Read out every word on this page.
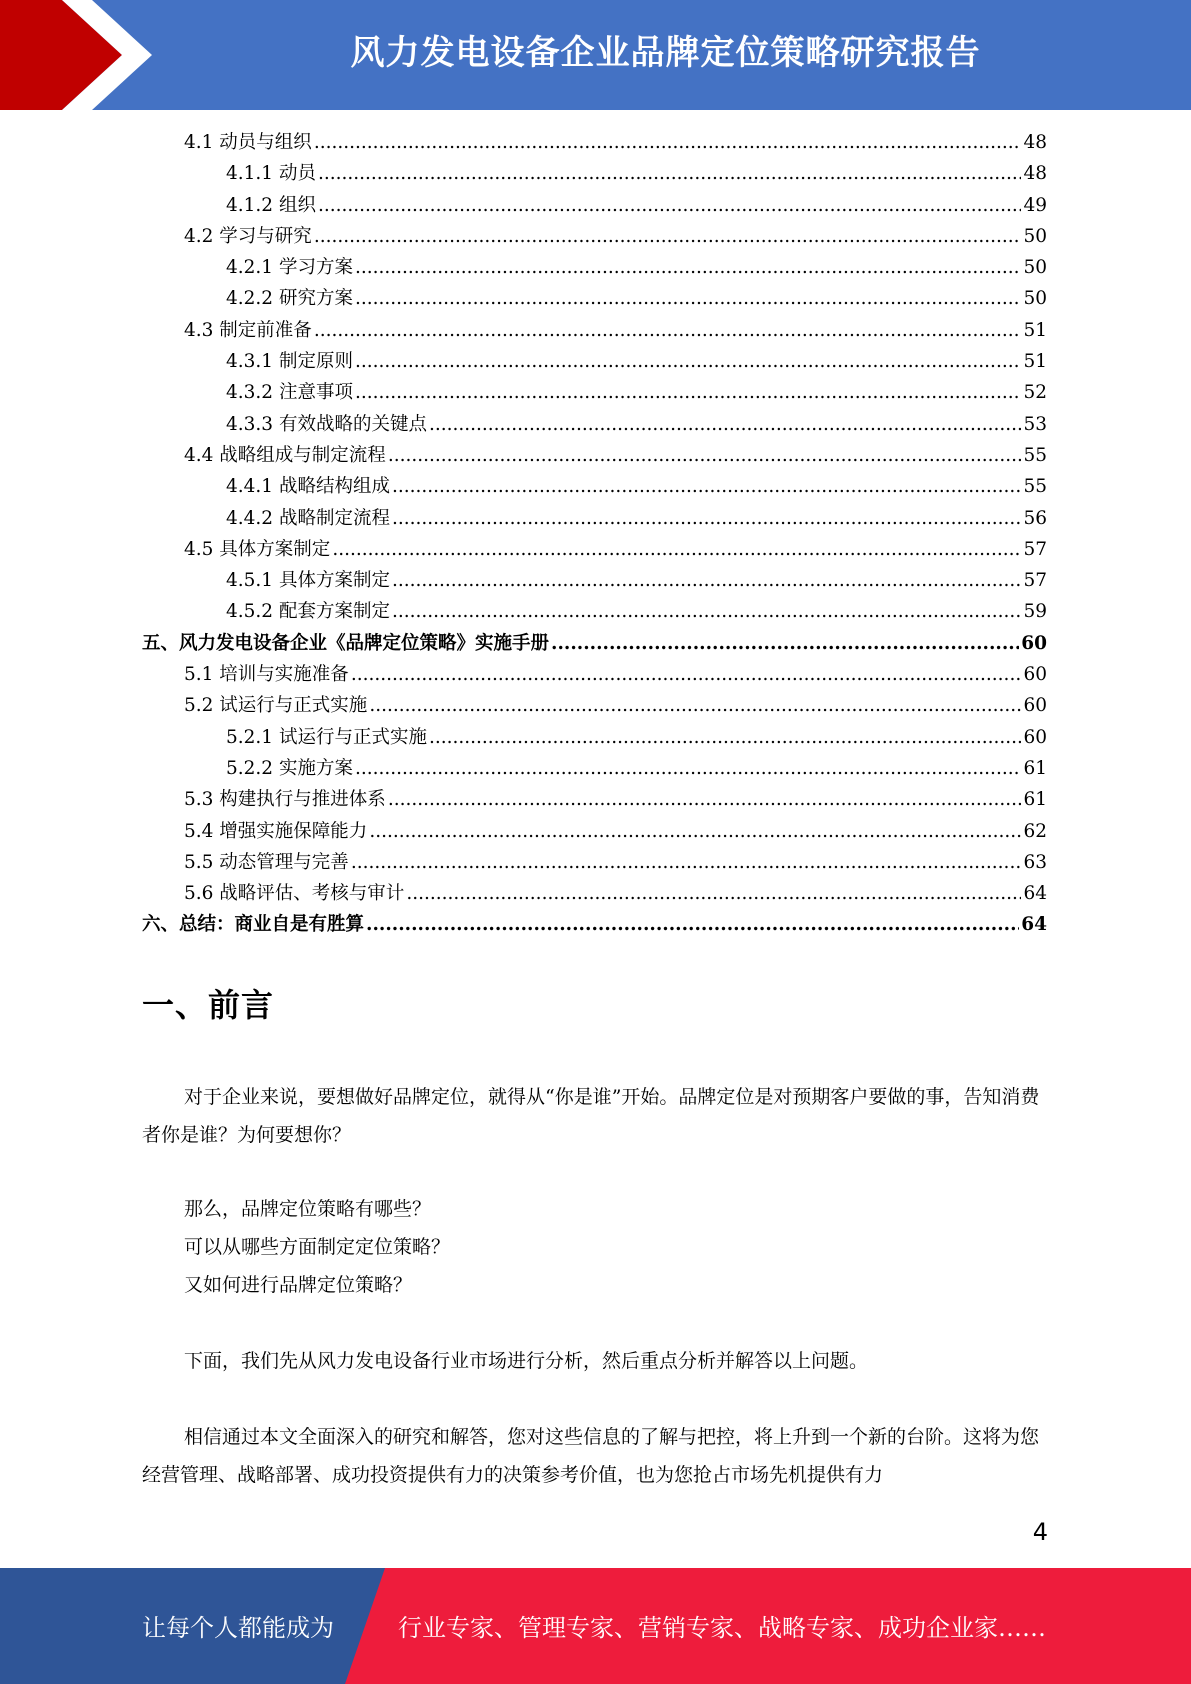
风力发电设备企业品牌定位策略研究报告
4.1 动员与组织 .....	48
4.1.1 动员 .....	48
4.1.2 组织 .....	49
4.2 学习与研究 .....	50
4.2.1 学习方案 .....	50
4.2.2 研究方案 .....	50
4.3 制定前准备 .....	51
4.3.1 制定原则 .....	51
4.3.2 注意事项 .....	52
4.3.3 有效战略的关键点 .....	53
4.4 战略组成与制定流程 .....	55
4.4.1 战略结构组成 .....	55
4.4.2 战略制定流程 .....	56
4.5 具体方案制定 .....	57
4.5.1 具体方案制定 .....	57
4.5.2 配套方案制定 .....	59
五、风力发电设备企业《品牌定位策略》实施手册 .....	60
5.1 培训与实施准备 .....	60
5.2 试运行与正式实施 .....	60
5.2.1 试运行与正式实施 .....	60
5.2.2 实施方案 .....	61
5.3 构建执行与推进体系 .....	61
5.4 增强实施保障能力 .....	62
5.5 动态管理与完善 .....	63
5.6 战略评估、考核与审计 .....	64
六、总结：商业自是有胜算 .....	64
一、前言
对于企业来说，要想做好品牌定位，就得从“你是谁”开始。品牌定位是对预期客户要做的事，告知消费者你是谁？为何要想你？
那么，品牌定位策略有哪些？
可以从哪些方面制定定位策略？
又如何进行品牌定位策略？
下面，我们先从风力发电设备行业市场进行分析，然后重点分析并解答以上问题。
相信通过本文全面深入的研究和解答，您对这些信息的了解与把控，将上升到一个新的台阶。这将为您经营管理、战略部署、成功投资提供有力的决策参考价值，也为您抢占市场先机提供有力
4
让每个人都能成为	行业专家、管理专家、营销专家、战略专家、成功企业家……
